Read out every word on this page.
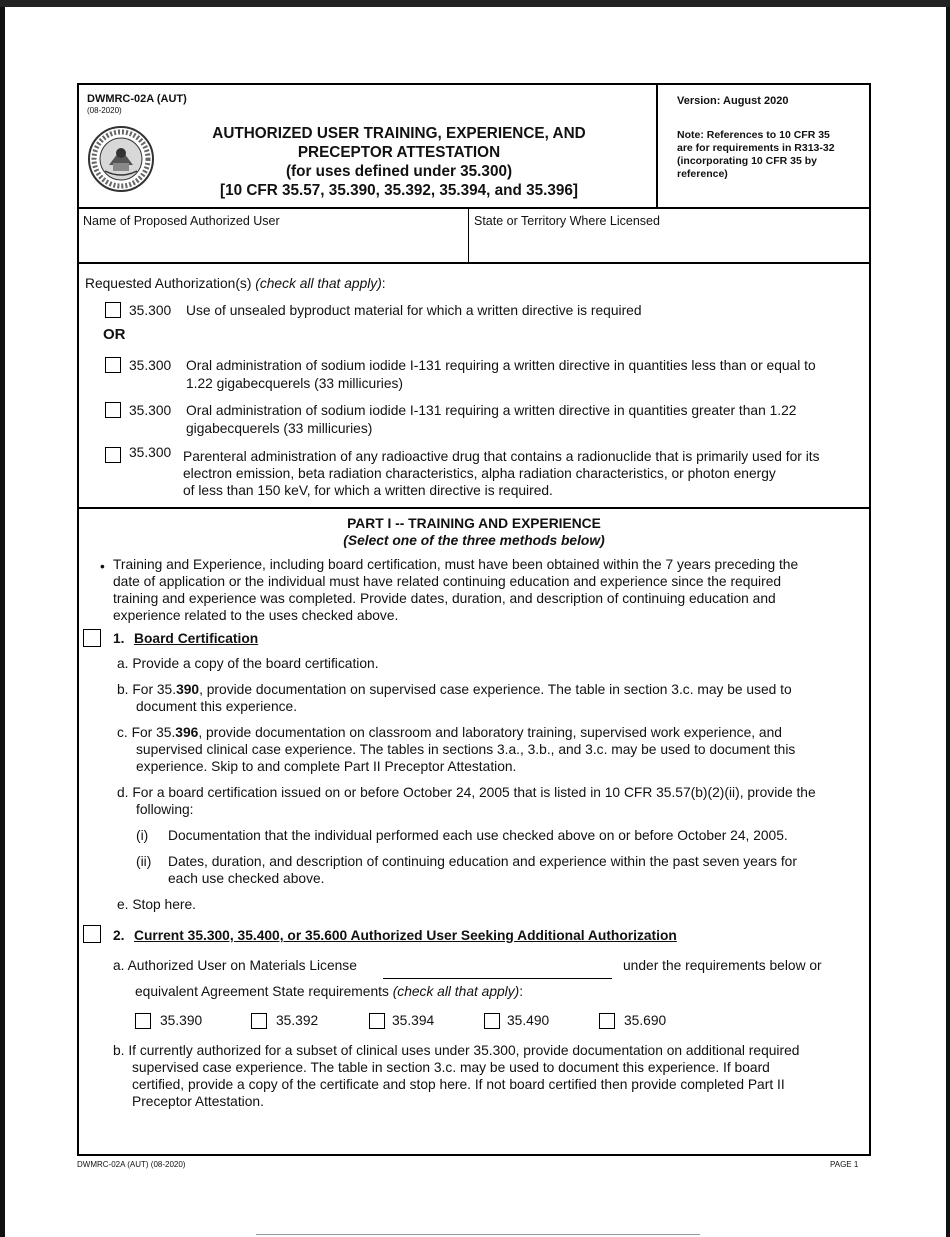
DWMRC-02A (AUT)
(08-2020)
AUTHORIZED USER TRAINING, EXPERIENCE, AND
PRECEPTOR ATTESTATION
(for uses defined under 35.300)
[10 CFR 35.57, 35.390, 35.392, 35.394, and 35.396]
Version: August 2020
Note: References to 10 CFR 35
are for requirements in R313-32
(incorporating 10 CFR 35 by
reference)
Name of Proposed Authorized User	State or Territory Where Licensed
Requested Authorization(s) (check all that apply):
35.300 Use of unsealed byproduct material for which a written directive is required
OR
35.300 Oral administration of sodium iodide I-131 requiring a written directive in quantities less than or equal to
1.22 gigabecquerels (33 millicuries)
35.300 Oral administration of sodium iodide I-131 requiring a written directive in quantities greater than 1.22
gigabecquerels (33 millicuries)
35.300 Parenteral administration of any radioactive drug that contains a radionuclide that is primarily used for its
electron emission, beta radiation characteristics, alpha radiation characteristics, or photon energy
of less than 150 keV, for which a written directive is required.
PART I -- TRAINING AND EXPERIENCE
(Select one of the three methods below)
• Training and Experience, including board certification, must have been obtained within the 7 years preceding the
date of application or the individual must have related continuing education and experience since the required
training and experience was completed. Provide dates, duration, and description of continuing education and
experience related to the uses checked above.
1. Board Certification
a. Provide a copy of the board certification.
b. For 35.390, provide documentation on supervised case experience. The table in section 3.c. may be used to
document this experience.
c. For 35.396, provide documentation on classroom and laboratory training, supervised work experience, and
supervised clinical case experience. The tables in sections 3.a., 3.b., and 3.c. may be used to document this
experience. Skip to and complete Part II Preceptor Attestation.
d. For a board certification issued on or before October 24, 2005 that is listed in 10 CFR 35.57(b)(2)(ii), provide the
following:
(i) Documentation that the individual performed each use checked above on or before October 24, 2005.
(ii) Dates, duration, and description of continuing education and experience within the past seven years for
each use checked above.
e. Stop here.
2. Current 35.300, 35.400, or 35.600 Authorized User Seeking Additional Authorization
a. Authorized User on Materials License	under the requirements below or
equivalent Agreement State requirements (check all that apply):
35.390	35.392	35.394	35.490	35.690
b. If currently authorized for a subset of clinical uses under 35.300, provide documentation on additional required
supervised case experience. The table in section 3.c. may be used to document this experience. If board
certified, provide a copy of the certificate and stop here. If not board certified then provide completed Part II
Preceptor Attestation.
DWMRC-02A (AUT) (08-2020)	PAGE 1
